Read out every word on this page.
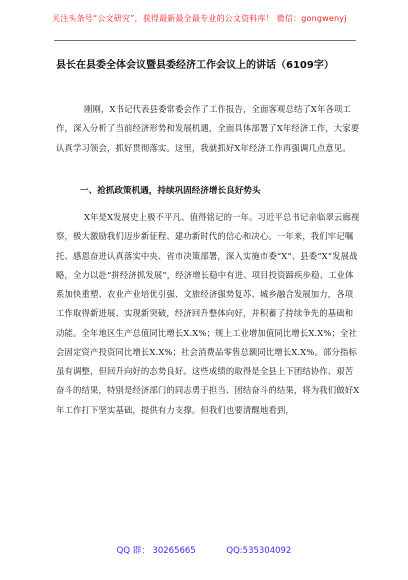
关注头条号“公文研究”，获得最新最全最专业的公文资料库！ 微信：gongwenyj
县长在县委全体会议暨县委经济工作会议上的讲话（6109字）
刚刚，X书记代表县委常委会作了工作报告，全面客观总结了X年各项工作，深入分析了当前经济形势和发展机遇，全面具体部署了X年经济工作，大家要认真学习领会，抓好贯彻落实。这里，我就抓好X年经济工作再强调几点意见。
一、抢抓政策机遇，持续巩固经济增长良好势头
X年是X发展史上极不平凡、值得铭记的一年。习近平总书记亲临翠云廊视察，极大激励我们迈步新征程、建功新时代的信心和决心。一年来，我们牢记嘱托、感恩奋进认真落实中央、省市决策部署，深入实施市委“X”、县委“X”发展战略，全力以赴“拼经济抓发展”，经济增长稳中有进、项目投资蹄疾步稳、工业体系加快重塑、农业产业培优引强、文旅经济强势复苏、城乡融合发展加力，各项工作取得新进展、实现新突破，经济回升整体向好，并积蓄了持续争先的基础和动能。全年地区生产总值同比增长X.X%；规上工业增加值同比增长X.X%；全社会固定资产投资同比增长X.X%；社会消费品零售总额同比增长X.X%。部分指标虽有调整，但回升向好的态势良好。这些成绩的取得是全县上下团结协作、艰苦奋斗的结果，特别是经济部门的同志勇于担当、团结奋斗的结果，将为我们做好X年工作打下坚实基础，提供有力支撑。但我们也要清醒地看到，
QQ 群： 30265665	QQ:535304092
